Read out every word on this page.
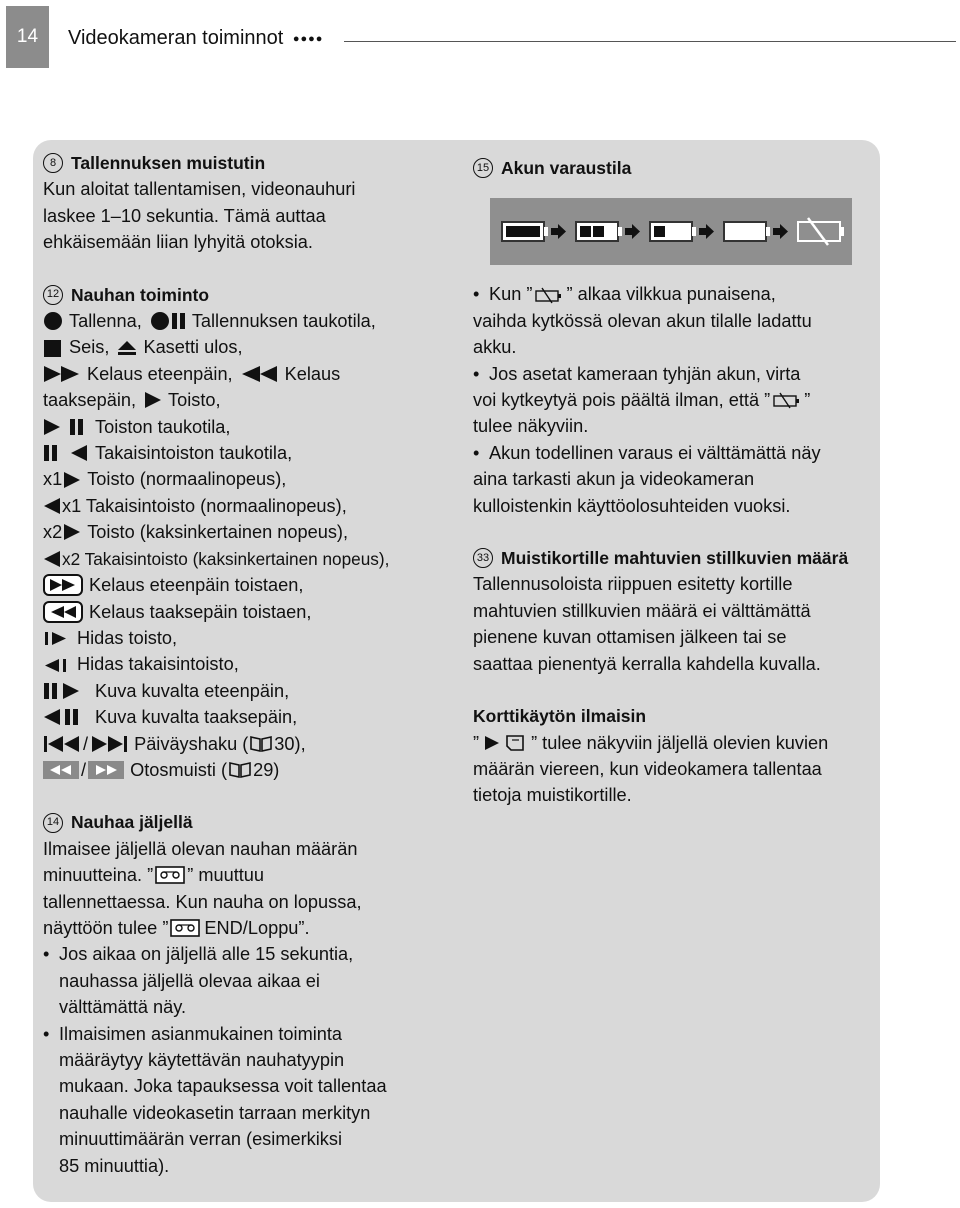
14	Videokameran toiminnot ●●●●

8 Tallennuksen muistutin

Kun aloitat tallentamisen, videonauhuri
laskee 1–10 sekuntia. Tämä auttaa
ehkäisemään liian lyhyitä otoksia.

12 Nauhan toiminto

Tallenna,	Tallennuksen taukotila,
Seis, Kasetti ulos,
Kelaus eteenpäin,	Kelaus
taaksepäin, Toisto,
Toiston taukotila,
Takaisintoiston taukotila,
x1 Toisto (normaalinopeus),
x1 Takaisintoisto (normaalinopeus),
x2 Toisto (kaksinkertainen nopeus),
x2 Takaisintoisto (kaksinkertainen nopeus),
Kelaus eteenpäin toistaen,
Kelaus taaksepäin toistaen,
Hidas toisto,
Hidas takaisintoisto,
Kuva kuvalta eteenpäin,
Kuva kuvalta taaksepäin,
/	Päiväyshaku ( 30),
/ Otosmuisti ( 29)

14 Nauhaa jäljellä

Ilmaisee jäljellä olevan nauhan määrän
minuutteina. ” ” muuttuu
tallennettaessa. Kun nauha on lopussa,
näyttöön tulee ” END/Loppu”.
• Jos aikaa on jäljellä alle 15 sekuntia,
nauhassa jäljellä olevaa aikaa ei
välttämättä näy.
• Ilmaisimen asianmukainen toiminta
määräytyy käytettävän nauhatyypin
mukaan. Joka tapauksessa voit tallentaa
nauhalle videokasetin tarraan merkityn
minuuttimäärän verran (esimerkiksi
85 minuuttia).

15 Akun varaustila

• Kun ” ” alkaa vilkkua punaisena,
vaihda kytkössä olevan akun tilalle ladattu
akku.
• Jos asetat kameraan tyhjän akun, virta
voi kytkeytyä pois päältä ilman, että ” ”
tulee näkyviin.
• Akun todellinen varaus ei välttämättä näy
aina tarkasti akun ja videokameran
kulloistenkin käyttöolosuhteiden vuoksi.

33 Muistikortille mahtuvien stillkuvien määrä

Tallennusoloista riippuen esitetty kortille
mahtuvien stillkuvien määrä ei välttämättä
pienene kuvan ottamisen jälkeen tai se
saattaa pienentyä kerralla kahdella kuvalla.

Korttikäytön ilmaisin

”	” tulee näkyviin jäljellä olevien kuvien
määrän viereen, kun videokamera tallentaa
tietoja muistikortille.
